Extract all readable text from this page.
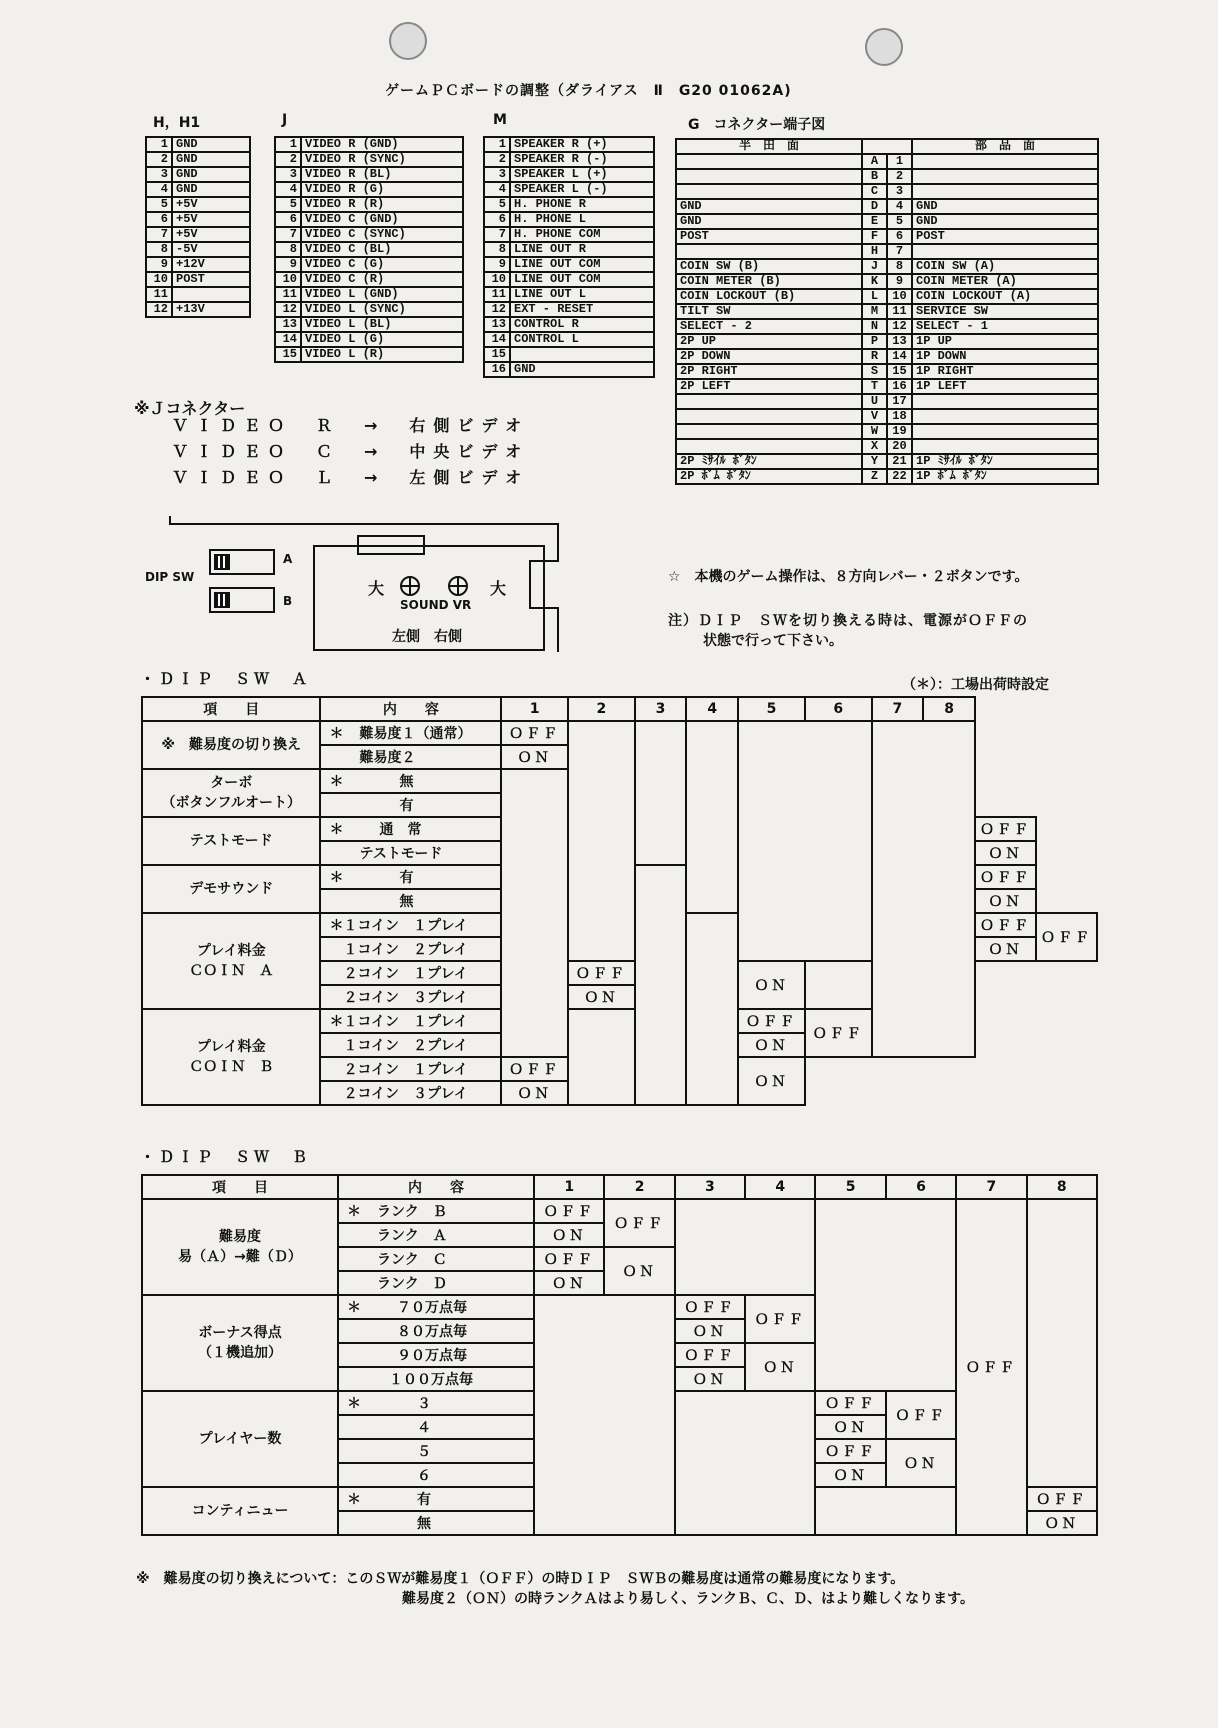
ゲームＰＣボードの調整（ダライアス　Ⅱ　G20 01062A)
H，H1	J	M	G　コネクター端子図
1	GND
2	GND
3	GND
4	GND
5	+5V
6	+5V
7	+5V
8	-5V
9	+12V
10	POST
11	
12	+13V
1	VIDEO R (GND)
2	VIDEO R (SYNC)
3	VIDEO R (BL)
4	VIDEO R (G)
5	VIDEO R (R)
6	VIDEO C (GND)
7	VIDEO C (SYNC)
8	VIDEO C (BL)
9	VIDEO C (G)
10	VIDEO C (R)
11	VIDEO L (GND)
12	VIDEO L (SYNC)
13	VIDEO L (BL)
14	VIDEO L (G)
15	VIDEO L (R)
1	SPEAKER R (+)
2	SPEAKER R (-)
3	SPEAKER L (+)
4	SPEAKER L (-)
5	H. PHONE R
6	H. PHONE L
7	H. PHONE COM
8	LINE OUT R
9	LINE OUT COM
10	LINE OUT COM
11	LINE OUT L
12	EXT - RESET
13	CONTROL R
14	CONTROL L
15	
16	GND
半　田　面			部　品　面
	A	1	
	B	2	
	C	3	
GND	D	4	GND
GND	E	5	GND
POST	F	6	POST
	H	7	
COIN SW (B)	J	8	COIN SW (A)
COIN METER (B)	K	9	COIN METER (A)
COIN LOCKOUT (B)	L	10	COIN LOCKOUT (A)
TILT SW	M	11	SERVICE SW
SELECT - 2	N	12	SELECT - 1
2P UP	P	13	1P UP
2P DOWN	R	14	1P DOWN
2P RIGHT	S	15	1P RIGHT
2P LEFT	T	16	1P LEFT
	U	17	
	V	18	
	W	19	
	X	20	
2P ﾐｻｲﾙ ﾎﾞﾀﾝ	Y	21	1P ﾐｻｲﾙ ﾎﾞﾀﾝ
2P ﾎﾞﾑ ﾎﾞﾀﾝ	Z	22	1P ﾎﾞﾑ ﾎﾞﾀﾝ
※Ｊコネクター
ＶＩＤＥＯ　Ｒ　→　右側ビデオ
ＶＩＤＥＯ　Ｃ　→　中央ビデオ
ＶＩＤＥＯ　Ｌ　→　左側ビデオ
DIP SW
A
B
大	大
SOUND VR
左側　右側
☆　本機のゲーム操作は、８方向レバー・２ボタンです。
注）ＤＩＰ　ＳＷを切り換える時は、電源がＯＦＦの
状態で行って下さい。
・ＤＩＰ　ＳＷ　Ａ	（＊）：工場出荷時設定
項　　目	内　　容	1	2	3	4	5	6	7	8		
※　難易度の切り換え	＊ 難易度１（通常）	ＯＦＦ									
	難易度２	ＯＮ									
ターボ
（ボタンフルオート）	＊ 無										
	有										
テストモード	＊ 通　常									ＯＦＦ	
	テストモード									ＯＮ	
デモサウンド	＊ 有									ＯＦＦ	
	無									ＯＮ	
プレイ料金
ＣＯＩＮ　Ａ	＊１コイン　１プレイ									ＯＦＦ	ＯＦＦ
	１コイン　２プレイ									ＯＮ	
	２コイン　１プレイ		ＯＦＦ			ＯＮ					
	２コイン　３プレイ		ＯＮ								
プレイ料金
ＣＯＩＮ　Ｂ	＊１コイン　１プレイ					ＯＦＦ	ＯＦＦ				
	１コイン　２プレイ					ＯＮ					
	２コイン　１プレイ	ＯＦＦ				ＯＮ					
	２コイン　３プレイ	ＯＮ									
・ＤＩＰ　ＳＷ　Ｂ
項　　目	内　　容	1	2	3	4	5	6	7	8
難易度
易（Ａ）→難（Ｄ）	＊ ランク　Ｂ	ＯＦＦ	ＯＦＦ					ＯＦＦ	
	ランク　Ａ	ＯＮ							
	ランク　Ｃ	ＯＦＦ	ＯＮ						
	ランク　Ｄ	ＯＮ							
ボーナス得点
（１機追加）	＊ ７０万点毎			ＯＦＦ	ＯＦＦ				
	８０万点毎			ＯＮ					
	９０万点毎			ＯＦＦ	ＯＮ				
	１００万点毎			ＯＮ					
プレイヤー数	＊ ３					ＯＦＦ	ＯＦＦ		
	４					ＯＮ			
	５					ＯＦＦ	ＯＮ		
	６					ＯＮ			
コンティニュー	＊ 有								ＯＦＦ
	無								ＯＮ
※　難易度の切り換えについて：このＳＷが難易度１（ＯＦＦ）の時ＤＩＰ　ＳＷＢの難易度は通常の難易度になります。
難易度２（ＯＮ）の時ランクＡはより易しく、ランクＢ、Ｃ、Ｄ、はより難しくなります。
